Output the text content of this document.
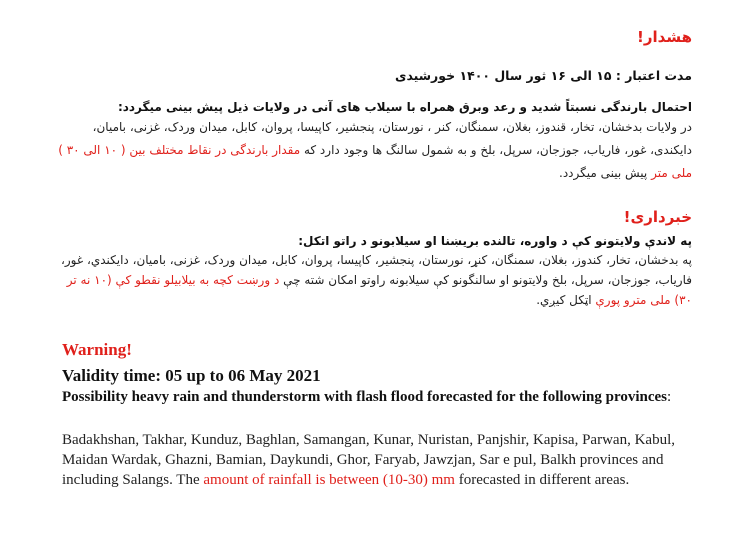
هشدار!
مدت اعتبار : ۱۵ الی ۱۶ ثور سال ۱۴۰۰ خورشیدی
احتمال بارندگی نسبتاً شدید و رعد وبرق همراه با سیلاب های آنی در ولایات ذیل پیش بینی میگردد:
در ولایات بدخشان، تخار، قندوز، بغلان، سمنگان، کنر ، نورستان، پنجشیر، کاپیسا، پروان، کابل، میدان وردک، غزنی، بامیان، دایکندی، غور، فاریاب، جوزجان، سرپل، بلخ و به شمول سالنگ ها وجود دارد که مقدار بارندگی در نقاط مختلف بین ( ۱۰ الی ۳۰ ) ملی متر پیش بینی میگردد.
خبرداری!
په لاندې ولایتونو کې د واوره، تالنده بریښنا او سیلابونو د راتو اتکل:
په بدخشان، تخار، کندوز، بغلان، سمنگان، کنړ، نورستان، پنجشیر، کاپیسا، پروان، کابل، میدان وردک، غزنی، بامیان، دایکندي، غور، فارياب، جوزجان، سرپل، بلخ ولایتونو او سالنگونو کې سیلابونه راوتو امکان شته چې د ورښت کچه به بیلابیلو نقطو کې (۱۰ نه تر ۳۰) ملی مترو پورې اټکل کیږي.
Warning!
Validity time: 05 up to 06 May 2021
Possibility heavy rain and thunderstorm with flash flood forecasted for the following provinces:
Badakhshan, Takhar, Kunduz, Baghlan, Samangan, Kunar, Nuristan, Panjshir, Kapisa, Parwan, Kabul, Maidan Wardak, Ghazni, Bamian, Daykundi, Ghor, Faryab, Jawzjan, Sar e pul, Balkh provinces and including Salangs. The amount of rainfall is between (10-30) mm forecasted in different areas.
